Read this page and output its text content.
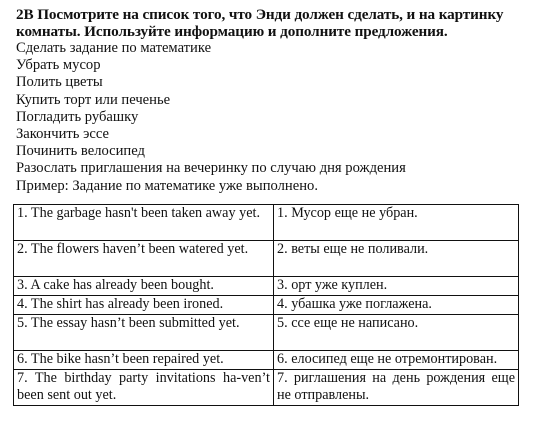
2B Посмотрите на список того, что Энди должен сделать, и на картинку
комнаты. Используйте информацию и дополните предложения.

Сделать задание по математике
Убрать мусор
Полить цветы
Купить торт или печенье
Погладить рубашку
Закончить эссе
Починить велосипед
Разослать приглашения на вечеринку по случаю дня рождения

Пример: Задание по математике уже выполнено.

1. The garbage hasn't been taken away yet.	1. Мусор еще не убран.
2. The flowers haven’t been watered yet.	2. веты еще не поливали.
3. A cake has already been bought.	3. орт уже куплен.
4. The shirt has already been ironed.	4. убашка уже поглажена.
5. The essay hasn’t been submitted yet.	5. ссе еще не написано.
6. The bike hasn’t been repaired yet.	6. елосипед еще не отремонтирован.
7. The birthday party invitations ha-ven’t been sent out yet.	7. риглашения на день рождения еще не отправлены.
